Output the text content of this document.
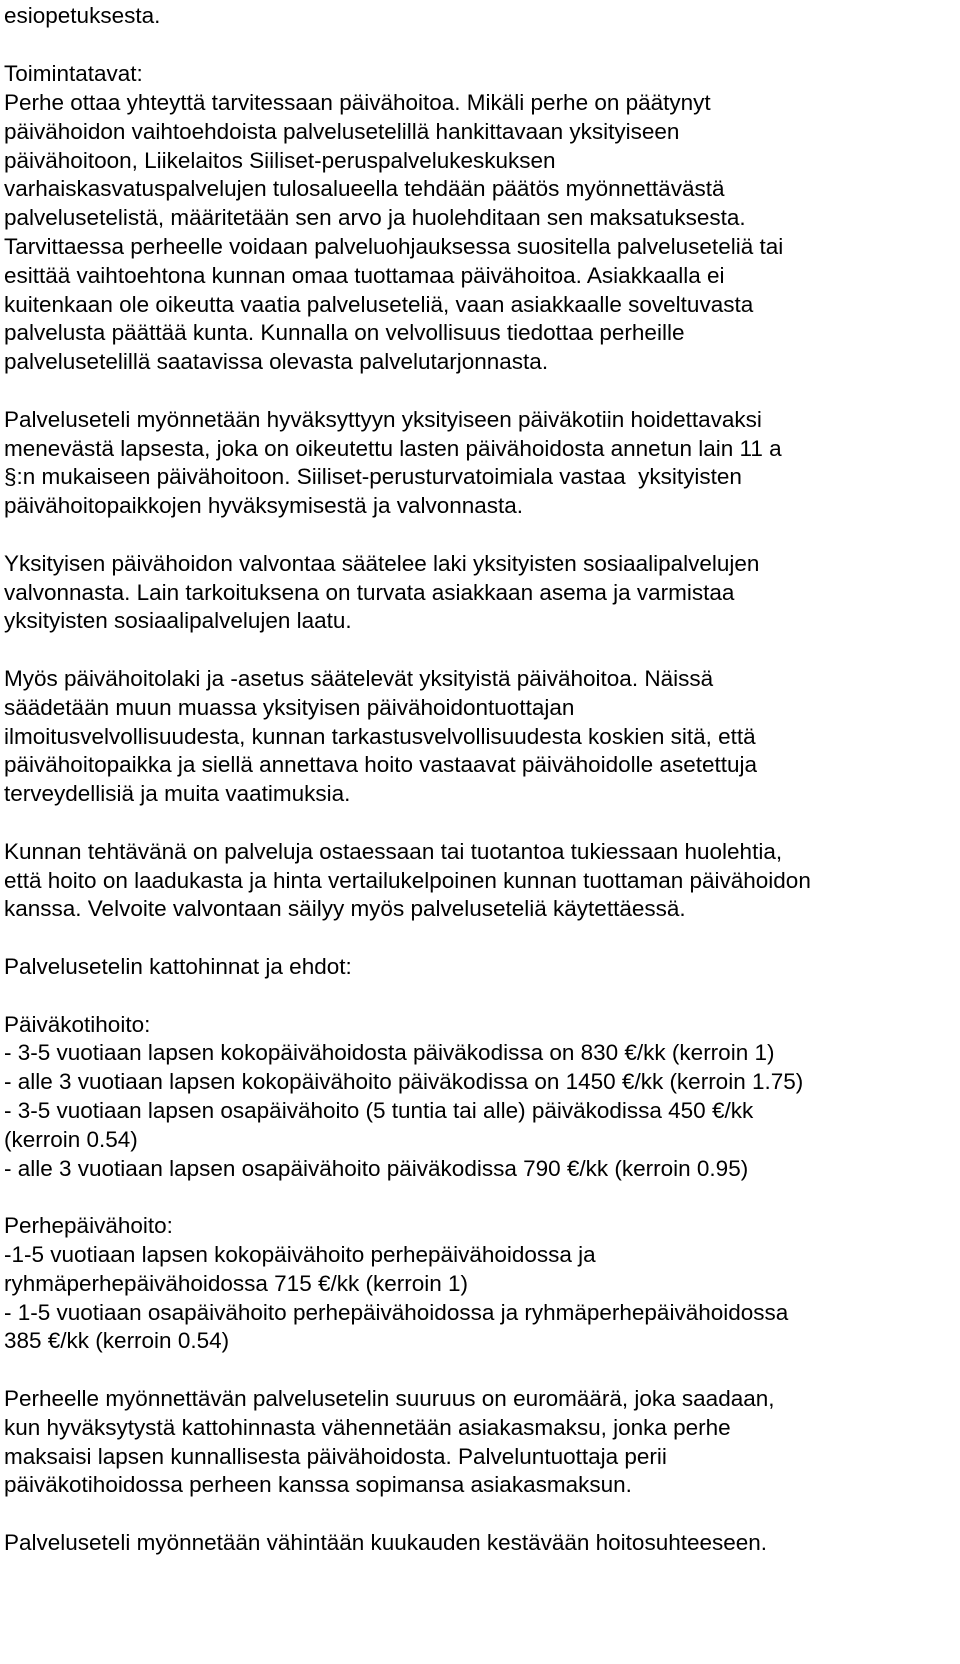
esiopetuksesta.

Toimintatavat:

Perhe ottaa yhteyttä tarvitessaan päivähoitoa. Mikäli perhe on päätynyt

päivähoidon vaihtoehdoista palvelusetelillä hankittavaan yksityiseen

päivähoitoon, Liikelaitos Siiliset-peruspalvelukeskuksen

varhaiskasvatuspalvelujen tulosalueella tehdään päätös myönnettävästä

palvelusetelistä, määritetään sen arvo ja huolehditaan sen maksatuksesta.

Tarvittaessa perheelle voidaan palveluohjauksessa suositella palveluseteliä tai

esittää vaihtoehtona kunnan omaa tuottamaa päivähoitoa. Asiakkaalla ei

kuitenkaan ole oikeutta vaatia palveluseteliä, vaan asiakkaalle soveltuvasta

palvelusta päättää kunta. Kunnalla on velvollisuus tiedottaa perheille

palvelusetelillä saatavissa olevasta palvelutarjonnasta.

Palveluseteli myönnetään hyväksyttyyn yksityiseen päiväkotiin hoidettavaksi

menevästä lapsesta, joka on oikeutettu lasten päivähoidosta annetun lain 11 a

§:n mukaiseen päivähoitoon. Siiliset-perusturvatoimiala vastaa  yksityisten

päivähoitopaikkojen hyväksymisestä ja valvonnasta.

Yksityisen päivähoidon valvontaa säätelee laki yksityisten sosiaalipalvelujen

valvonnasta. Lain tarkoituksena on turvata asiakkaan asema ja varmistaa

yksityisten sosiaalipalvelujen laatu.

Myös päivähoitolaki ja -asetus säätelevät yksityistä päivähoitoa. Näissä

säädetään muun muassa yksityisen päivähoidontuottajan

ilmoitusvelvollisuudesta, kunnan tarkastusvelvollisuudesta koskien sitä, että

päivähoitopaikka ja siellä annettava hoito vastaavat päivähoidolle asetettuja

terveydellisiä ja muita vaatimuksia.

Kunnan tehtävänä on palveluja ostaessaan tai tuotantoa tukiessaan huolehtia,

että hoito on laadukasta ja hinta vertailukelpoinen kunnan tuottaman päivähoidon

kanssa. Velvoite valvontaan säilyy myös palveluseteliä käytettäessä.

Palvelusetelin kattohinnat ja ehdot:

Päiväkotihoito:

- 3-5 vuotiaan lapsen kokopäivähoidosta päiväkodissa on 830 €/kk (kerroin 1)

- alle 3 vuotiaan lapsen kokopäivähoito päiväkodissa on 1450 €/kk (kerroin 1.75)

- 3-5 vuotiaan lapsen osapäivähoito (5 tuntia tai alle) päiväkodissa 450 €/kk

(kerroin 0.54)

- alle 3 vuotiaan lapsen osapäivähoito päiväkodissa 790 €/kk (kerroin 0.95)

Perhepäivähoito:

-1-5 vuotiaan lapsen kokopäivähoito perhepäivähoidossa ja

ryhmäperhepäivähoidossa 715 €/kk (kerroin 1)

- 1-5 vuotiaan osapäivähoito perhepäivähoidossa ja ryhmäperhepäivähoidossa

385 €/kk (kerroin 0.54)

Perheelle myönnettävän palvelusetelin suuruus on euromäärä, joka saadaan,

kun hyväksytystä kattohinnasta vähennetään asiakasmaksu, jonka perhe

maksaisi lapsen kunnallisesta päivähoidosta. Palveluntuottaja perii

päiväkotihoidossa perheen kanssa sopimansa asiakasmaksun.

Palveluseteli myönnetään vähintään kuukauden kestävään hoitosuhteeseen.
